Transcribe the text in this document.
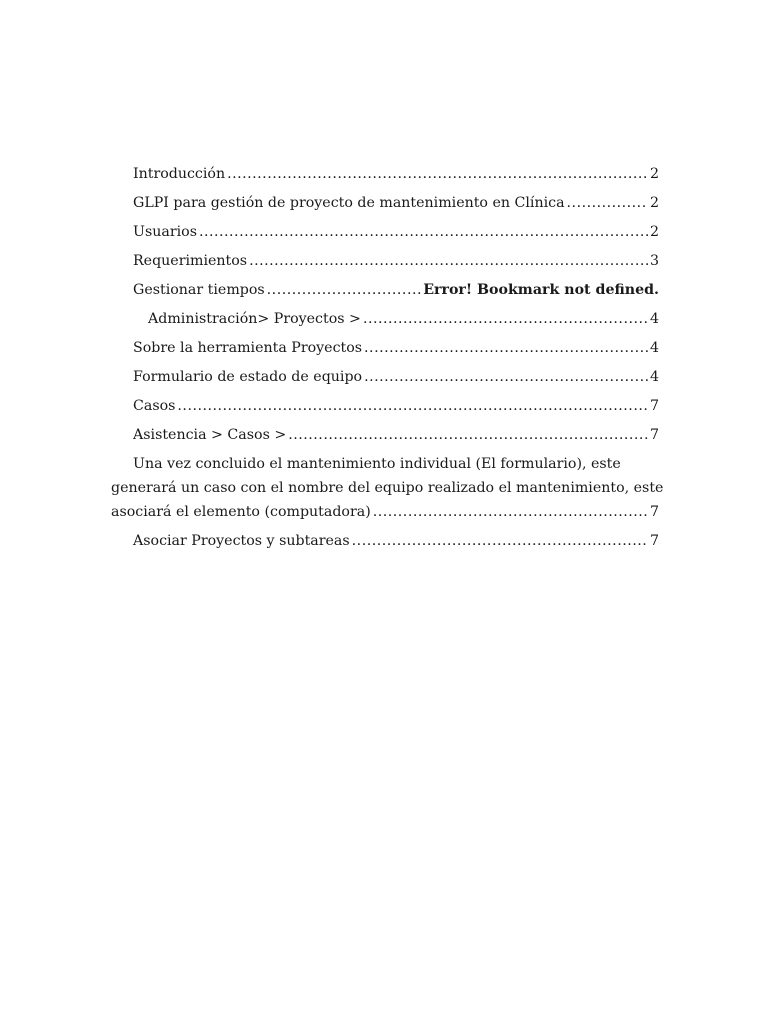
Introducción .....	2
GLPI para gestión de proyecto de mantenimiento en Clínica .....	2
Usuarios .....	2
Requerimientos .....	3
Gestionar tiempos .....	Error! Bookmark not defined.
Administración> Proyectos > .....	4
Sobre la herramienta Proyectos .....	4
Formulario de estado de equipo .....	4
Casos .....	7
Asistencia > Casos > .....	7
Una vez concluido el mantenimiento individual (El formulario), este
generará un caso con el nombre del equipo realizado el mantenimiento, este
asociará el elemento (computadora) .....	7
Asociar Proyectos y subtareas .....	7
